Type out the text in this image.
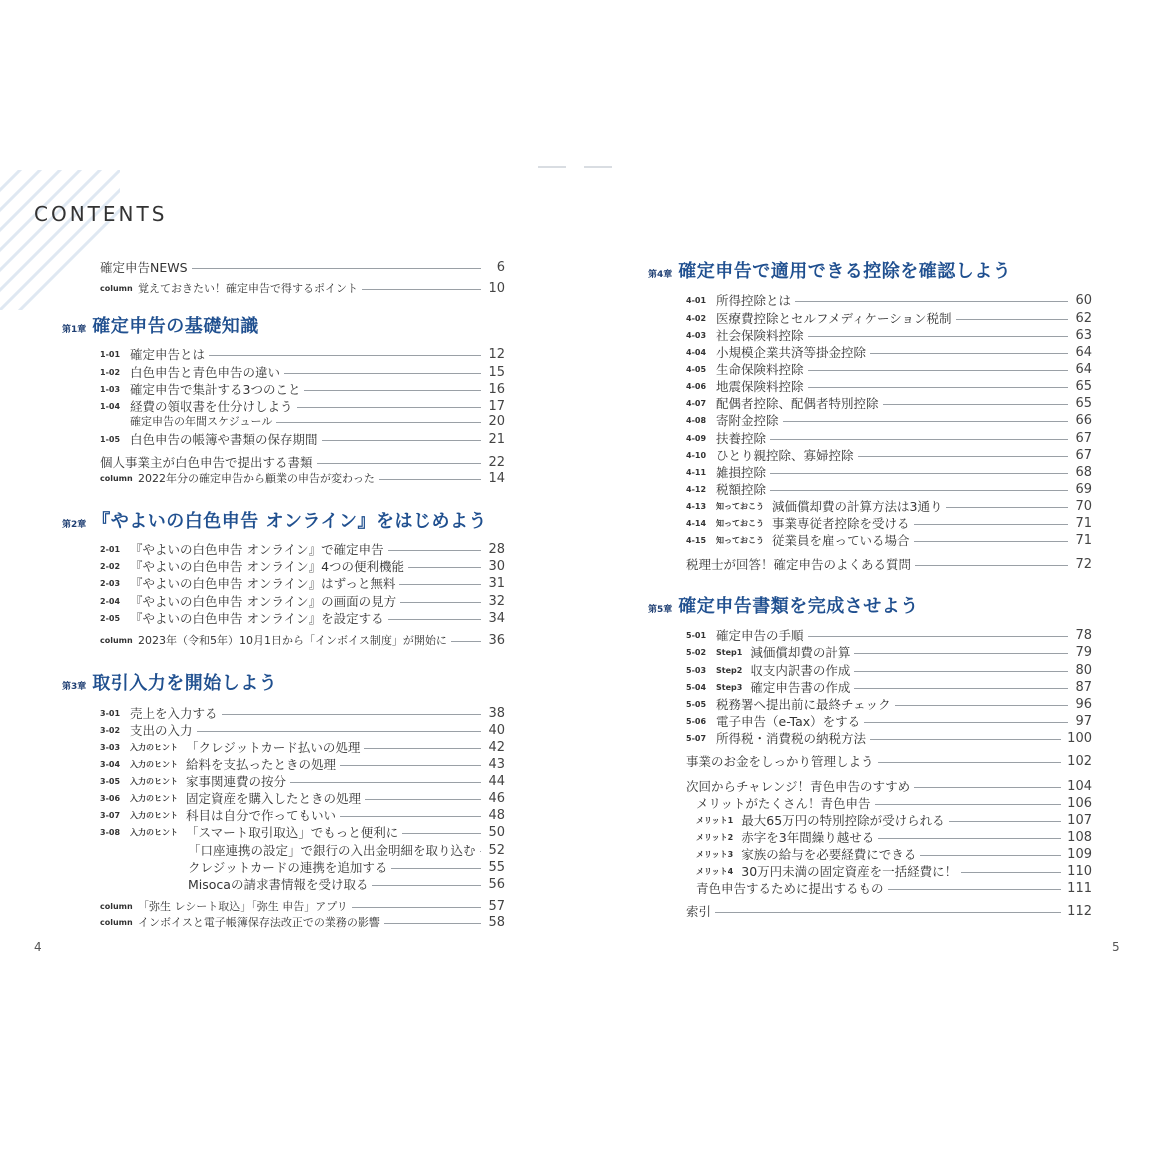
CONTENTS
確定申告NEWS	6
column 覚えておきたい！確定申告で得するポイント	10
第1章 確定申告の基礎知識
1-01 確定申告とは	12
1-02 白色申告と青色申告の違い	15
1-03 確定申告で集計する3つのこと	16
1-04 経費の領収書を仕分けしよう	17
確定申告の年間スケジュール	20
1-05 白色申告の帳簿や書類の保存期間	21
個人事業主が白色申告で提出する書類	22
column 2022年分の確定申告から顧業の申告が変わった	14
第2章 『やよいの白色申告 オンライン』をはじめよう
2-01 『やよいの白色申告 オンライン』で確定申告	28
2-02 『やよいの白色申告 オンライン』4つの便利機能	30
2-03 『やよいの白色申告 オンライン』はずっと無料	31
2-04 『やよいの白色申告 オンライン』の画面の見方	32
2-05 『やよいの白色申告 オンライン』を設定する	34
column 2023年（令和5年）10月1日から「インボイス制度」が開始に	36
第3章 取引入力を開始しよう
3-01 売上を入力する	38
3-02 支出の入力	40
3-03	入力のヒント 「クレジットカード払いの処理	42
3-04	入力のヒント 給料を支払ったときの処理	43
3-05	入力のヒント 家事関連費の按分	44
3-06	入力のヒント 固定資産を購入したときの処理	46
3-07	入力のヒント 科目は自分で作ってもいい	48
3-08	入力のヒント 「スマート取引取込」でもっと便利に	50
「口座連携の設定」で銀行の入出金明細を取り込む 52
クレジットカードの連携を追加する	55
Misocaの請求書情報を受け取る	56
column 「弥生 レシート取込」「弥生 申告」アプリ	57
column インボイスと電子帳簿保存法改正での業務の影響	58
第4章 確定申告で適用できる控除を確認しよう
4-01 所得控除とは	60
4-02 医療費控除とセルフメディケーション税制	62
4-03 社会保険料控除	63
4-04 小規模企業共済等掛金控除	64
4-05 生命保険料控除	64
4-06 地震保険料控除	65
4-07 配偶者控除、配偶者特別控除	65
4-08 寄附金控除	66
4-09 扶養控除	67
4-10 ひとり親控除、寡婦控除	67
4-11 雑損控除	68
4-12 税額控除	69
4-13	知っておこう 減価償却費の計算方法は3通り	70
4-14	知っておこう 事業専従者控除を受ける	71
4-15	知っておこう 従業員を雇っている場合	71
税理士が回答！確定申告のよくある質問	72
第5章 確定申告書類を完成させよう
5-01 確定申告の手順	78
5-02	Step1 減価償却費の計算	79
5-03	Step2 収支内訳書の作成	80
5-04	Step3 確定申告書の作成	87
5-05 税務署へ提出前に最終チェック	96
5-06 電子申告（e-Tax）をする	97
5-07 所得税・消費税の納税方法	100
事業のお金をしっかり管理しよう	102
次回からチャレンジ！青色申告のすすめ	104
メリットがたくさん！青色申告	106
メリット1 最大65万円の特別控除が受けられる	107
メリット2 赤字を3年間繰り越せる	108
メリット3 家族の給与を必要経費にできる	109
メリット4 30万円未満の固定資産を一括経費に！	110
青色申告するために提出するもの	111
索引	112
4	5
